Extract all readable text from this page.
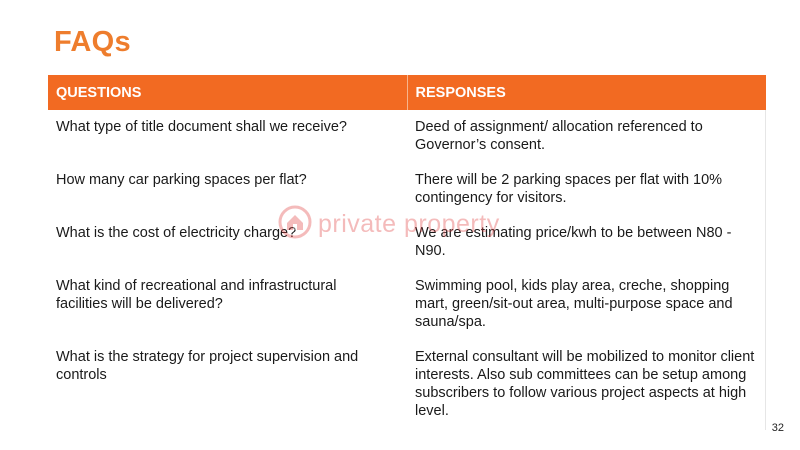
FAQs
QUESTIONS	RESPONSES
What type of title document shall we receive?	Deed of assignment/ allocation referenced to Governor’s consent.
How many car parking spaces per flat?	There will be 2 parking spaces per flat with 10% contingency for visitors.
What is the cost of electricity charge?	We are estimating price/kwh to be between N80 - N90.
What kind of recreational and infrastructural facilities will be delivered?	Swimming pool, kids play area, creche, shopping mart, green/sit-out area, multi-purpose space and sauna/spa.
What is the strategy for project supervision and controls	External consultant will be mobilized to monitor client interests. Also sub committees can be setup among subscribers to follow various project aspects at high level.
private property
32
